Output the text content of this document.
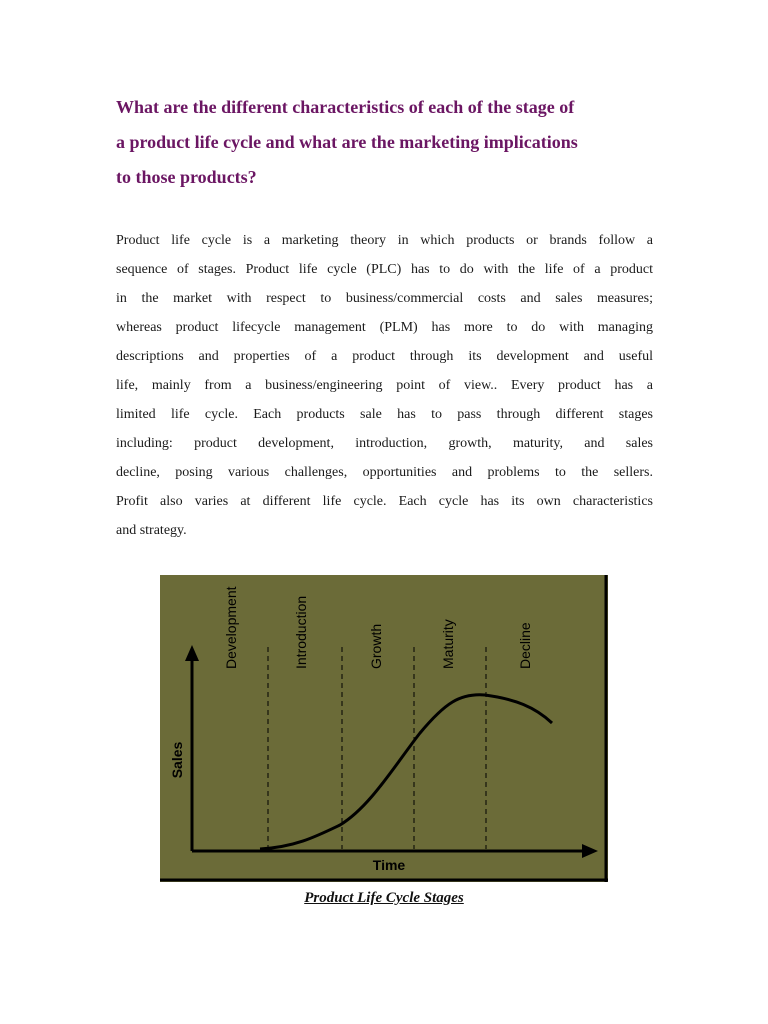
What are the different characteristics of each of the stage of
a product life cycle and what are the marketing implications
to those products?
Product life cycle is a marketing theory in which products or brands follow a
sequence of stages. Product life cycle (PLC) has to do with the life of a product
in the market with respect to business/commercial costs and sales measures;
whereas product lifecycle management (PLM) has more to do with managing
descriptions and properties of a product through its development and useful
life, mainly from a business/engineering point of view.. Every product has a
limited life cycle. Each products sale has to pass through different stages
including: product development, introduction, growth, maturity, and sales
decline, posing various challenges, opportunities and problems to the sellers.
Profit also varies at different life cycle. Each cycle has its own characteristics
and strategy.
Development	Introduction	Growth	Maturity	Decline
Sales
Time
Product Life Cycle Stages
